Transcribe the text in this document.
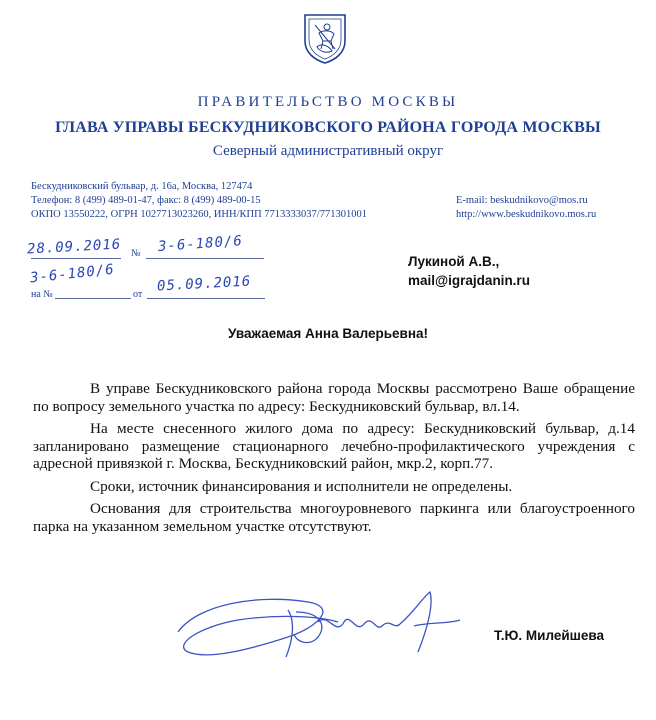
ПРАВИТЕЛЬСТВО МОСКВЫ
ГЛАВА УПРАВЫ БЕСКУДНИКОВСКОГО РАЙОНА ГОРОДА МОСКВЫ
Северный административный округ
Бескудниковский бульвар, д. 16а, Москва, 127474
Телефон: 8 (499) 489-01-47, факс: 8 (499) 489-00-15
ОКПО 13550222, ОГРН 1027713023260, ИНН/КПП 7713333037/771301001
E-mail: beskudnikovo@mos.ru
http://www.beskudnikovo.mos.ru
28.09.2016 № 3-6-180/6
на №
3-6-180/6
от
05.09.2016
Лукиной А.В.,
mail@igrajdanin.ru
Уважаемая Анна Валерьевна!

В управе Бескудниковского района города Москвы рассмотрено Ваше обращение по вопросу земельного участка по адресу: Бескудниковский бульвар, вл.14.

На месте снесенного жилого дома по адресу: Бескудниковский бульвар, д.14 запланировано размещение стационарного лечебно-профилактического учреждения с адресной привязкой г. Москва, Бескудниковский район, мкр.2, корп.77.

Сроки, источник финансирования и исполнители не определены.

Основания для строительства многоуровневого паркинга или благоустроенного парка на указанном земельном участке отсутствуют.

Т.Ю. Милейшева
